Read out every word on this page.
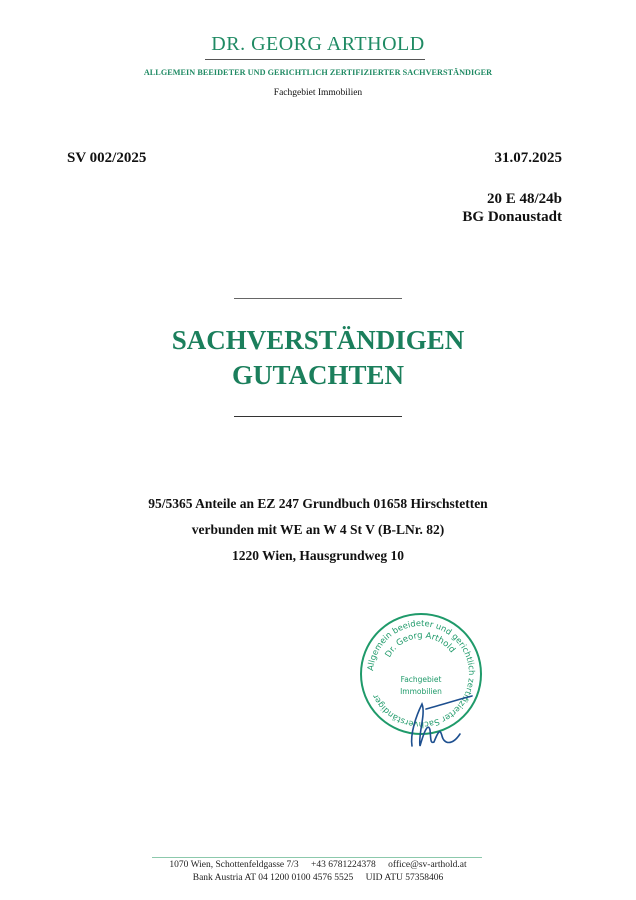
DR. GEORG ARTHOLD
ALLGEMEIN BEEIDETER UND GERICHTLICH ZERTIFIZIERTER SACHVERSTÄNDIGER
Fachgebiet Immobilien
SV 002/2025	31.07.2025
20 E 48/24b
BG Donaustadt
SACHVERSTÄNDIGEN
GUTACHTEN
95/5365 Anteile an EZ 247 Grundbuch 01658 Hirschstetten
verbunden mit WE an W 4 St V (B-LNr. 82)
1220 Wien, Hausgrundweg 10
Allgemein beeideter und gerichtlich zertifizierter Sachverständiger
Dr. Georg Arthold
Fachgebiet
Immobilien
1070 Wien, Schottenfeldgasse 7/3 +43 6781224378 office@sv-arthold.at
Bank Austria AT 04 1200 0100 4576 5525 UID ATU 57358406
